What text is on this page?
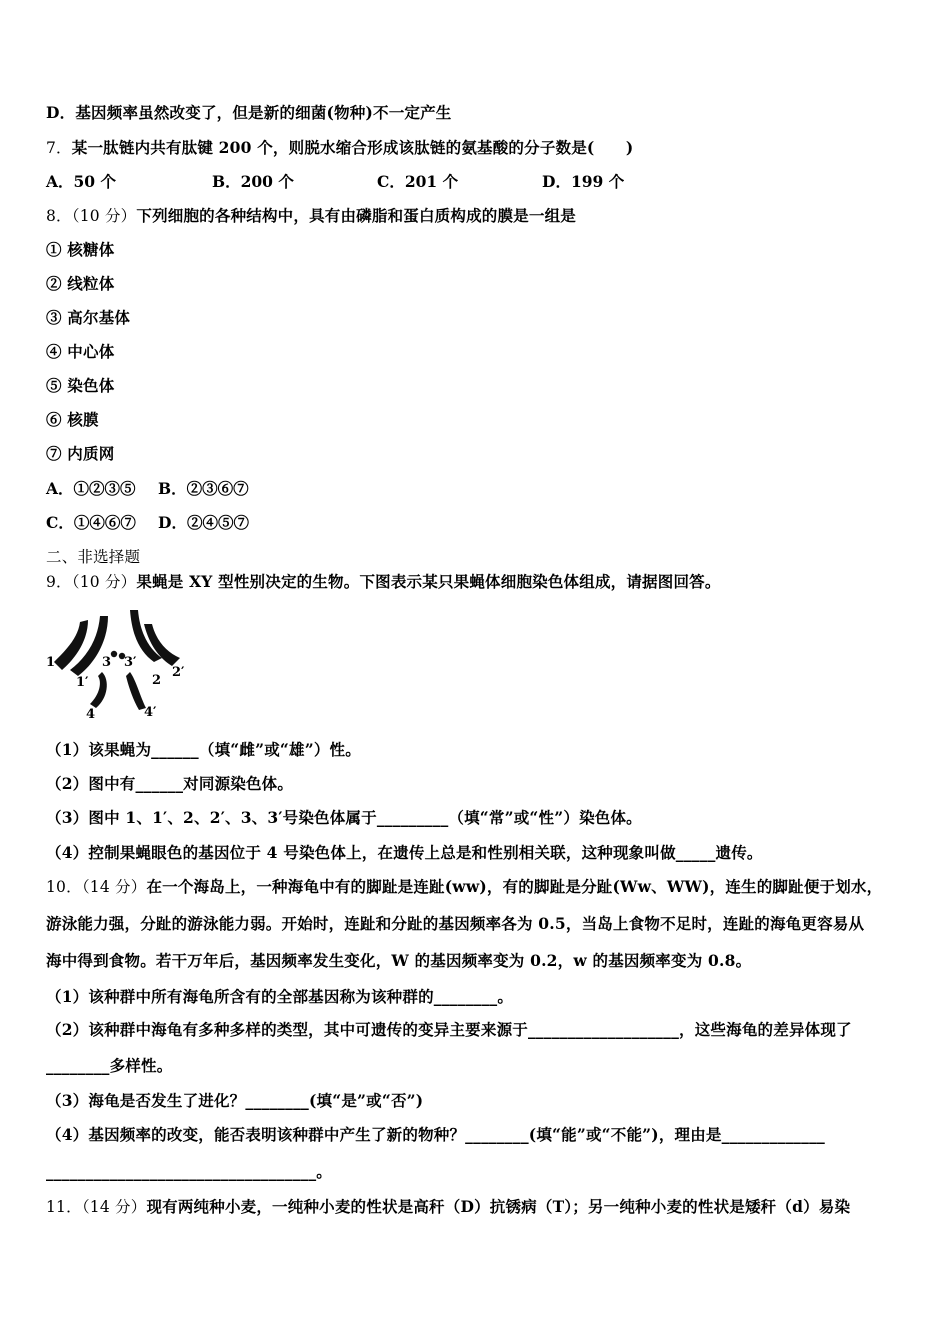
D．基因频率虽然改变了，但是新的细菌(物种)不一定产生
7．某一肽链内共有肽键 200 个，则脱水缩合形成该肽链的氨基酸的分子数是(　　)
A．50 个	B．200 个	C．201 个	D．199 个
8．（10 分）下列细胞的各种结构中，具有由磷脂和蛋白质构成的膜是一组是
① 核糖体
② 线粒体
③ 高尔基体
④ 中心体
⑤ 染色体
⑥ 核膜
⑦ 内质网
A．①②③⑤ B．②③⑥⑦
C．①④⑥⑦ D．②④⑤⑦
二、非选择题
9．（10 分）果蝇是 XY 型性别决定的生物。下图表示某只果蝇体细胞染色体组成，请据图回答。
1
1′
3 3′
2
2′
4	4′
（1）该果蝇为______（填“雌”或“雄”）性。
（2）图中有______对同源染色体。
（3）图中 1、1′、2、2′、3、3′号染色体属于_________（填“常”或“性”）染色体。
（4）控制果蝇眼色的基因位于 4 号染色体上，在遗传上总是和性别相关联，这种现象叫做_____遗传。
10．（14 分）在一个海岛上，一种海龟中有的脚趾是连趾(ww)，有的脚趾是分趾(Ww、WW)，连生的脚趾便于划水，
游泳能力强，分趾的游泳能力弱。开始时，连趾和分趾的基因频率各为 0.5，当岛上食物不足时，连趾的海龟更容易从
海中得到食物。若干万年后，基因频率发生变化，W 的基因频率变为 0.2，w 的基因频率变为 0.8。
（1）该种群中所有海龟所含有的全部基因称为该种群的________。
（2）该种群中海龟有多种多样的类型，其中可遗传的变异主要来源于___________________，这些海龟的差异体现了
________多样性。
（3）海龟是否发生了进化？________(填“是”或“否”)
（4）基因频率的改变，能否表明该种群中产生了新的物种？________(填“能”或“不能”)，理由是_____________
__________________________________。
11．（14 分）现有两纯种小麦，一纯种小麦的性状是高秆（D）抗锈病（T）；另一纯种小麦的性状是矮秆（d）易染
